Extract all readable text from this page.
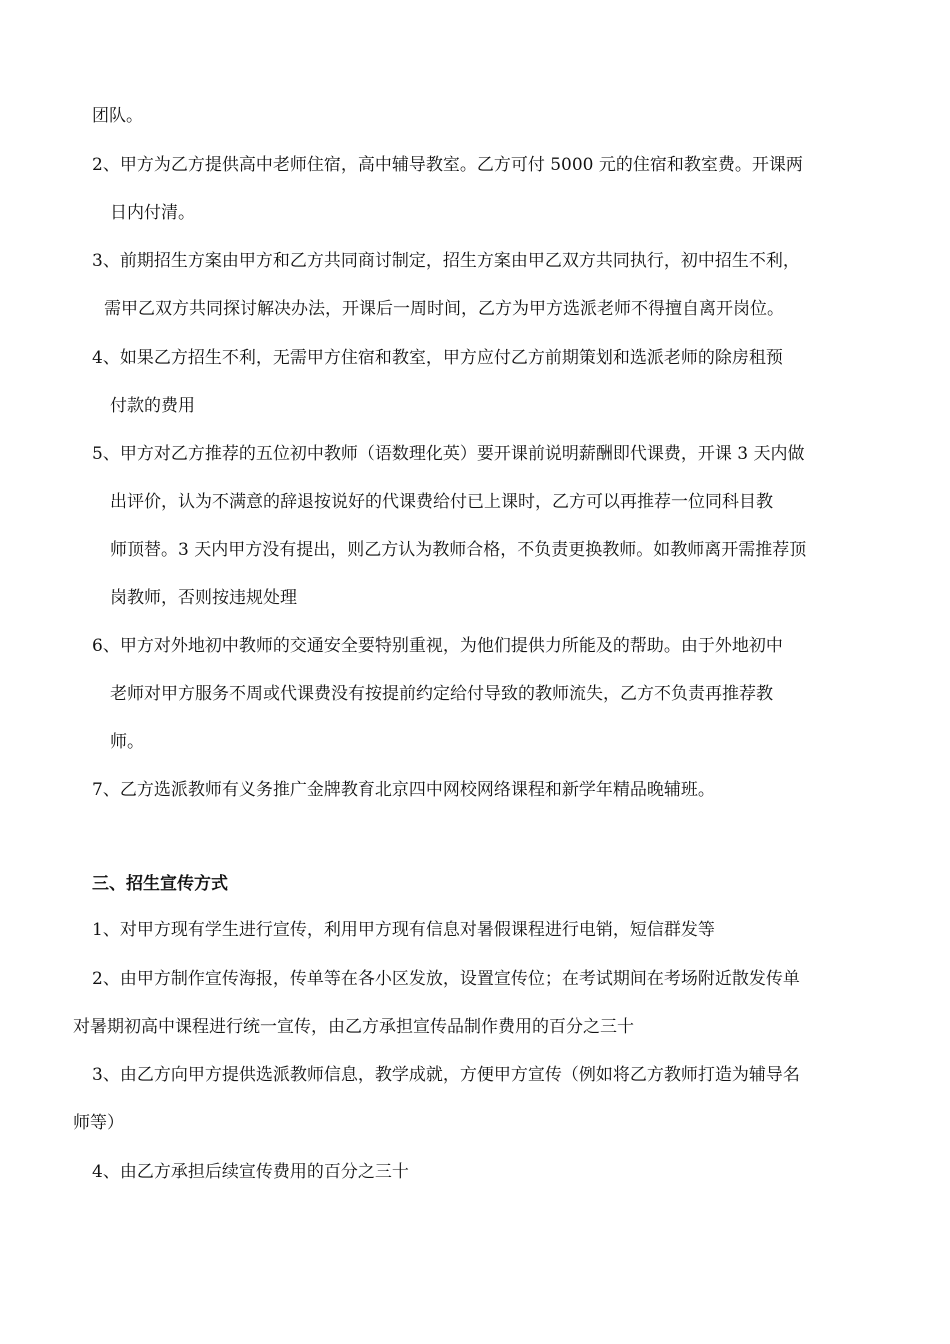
团队。
2、甲方为乙方提供高中老师住宿，高中辅导教室。乙方可付 5000 元的住宿和教室费。开课两
日内付清。
3、前期招生方案由甲方和乙方共同商讨制定，招生方案由甲乙双方共同执行，初中招生不利，
需甲乙双方共同探讨解决办法，开课后一周时间，乙方为甲方选派老师不得擅自离开岗位。
4、如果乙方招生不利，无需甲方住宿和教室，甲方应付乙方前期策划和选派老师的除房租预
付款的费用
5、甲方对乙方推荐的五位初中教师（语数理化英）要开课前说明薪酬即代课费，开课 3 天内做
出评价，认为不满意的辞退按说好的代课费给付已上课时，乙方可以再推荐一位同科目教
师顶替。3 天内甲方没有提出，则乙方认为教师合格，不负责更换教师。如教师离开需推荐顶
岗教师，否则按违规处理
6、甲方对外地初中教师的交通安全要特别重视，为他们提供力所能及的帮助。由于外地初中
老师对甲方服务不周或代课费没有按提前约定给付导致的教师流失，乙方不负责再推荐教
师。
7、乙方选派教师有义务推广金牌教育北京四中网校网络课程和新学年精品晚辅班。
三、招生宣传方式
1、对甲方现有学生进行宣传，利用甲方现有信息对暑假课程进行电销，短信群发等
2、由甲方制作宣传海报，传单等在各小区发放，设置宣传位；在考试期间在考场附近散发传单
对暑期初高中课程进行统一宣传，由乙方承担宣传品制作费用的百分之三十
3、由乙方向甲方提供选派教师信息，教学成就，方便甲方宣传（例如将乙方教师打造为辅导名
师等）
4、由乙方承担后续宣传费用的百分之三十
